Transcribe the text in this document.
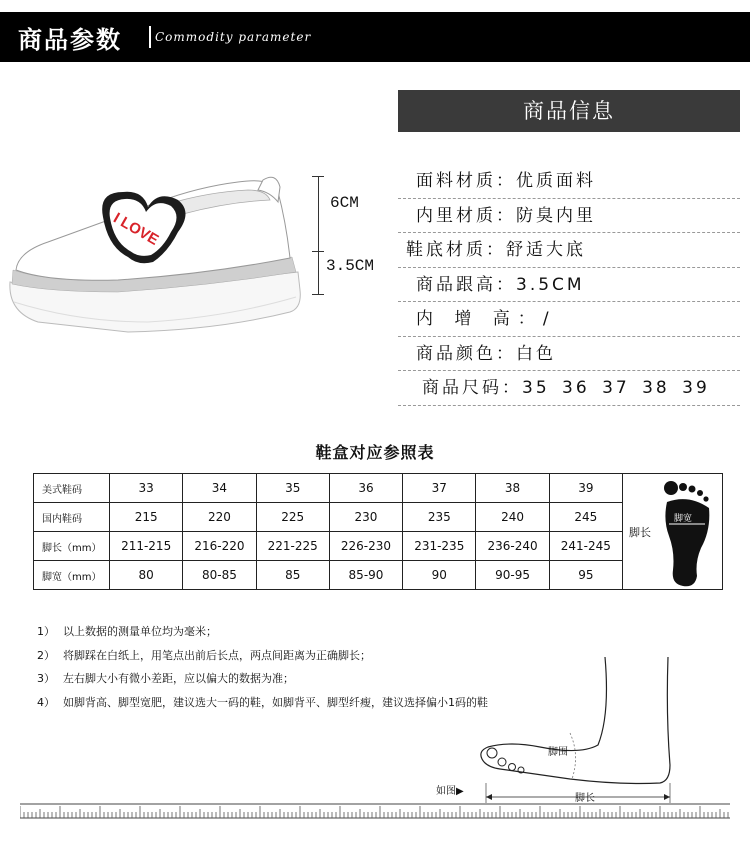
商品参数	Commodity parameter
I LOVE
6CM
3.5CM
商品信息
面料材质：优质面料
内里材质：防臭内里
鞋底材质：舒适大底
商品跟高：3.5CM
内 增 高：/
商品颜色：白色
商品尺码：35 36 37 38 39
鞋盒对应参照表
美式鞋码	33	34	35	36	37	38	39	脚长
脚宽

国内鞋码	215	220	225	230	235	240	245	
脚长（mm）	211-215	216-220	221-225	226-230	231-235	236-240	241-245	
脚宽（mm）	80	80-85	85	85-90	90	90-95	95	
1） 以上数据的测量单位均为毫米；
2） 将脚踩在白纸上，用笔点出前后长点，两点间距离为正确脚长；
3） 左右脚大小有微小差距，应以偏大的数据为准；
4） 如脚背高、脚型宽肥，建议选大一码的鞋，如脚背平、脚型纤瘦，建议选择偏小1码的鞋
脚围
脚长
如图▶
